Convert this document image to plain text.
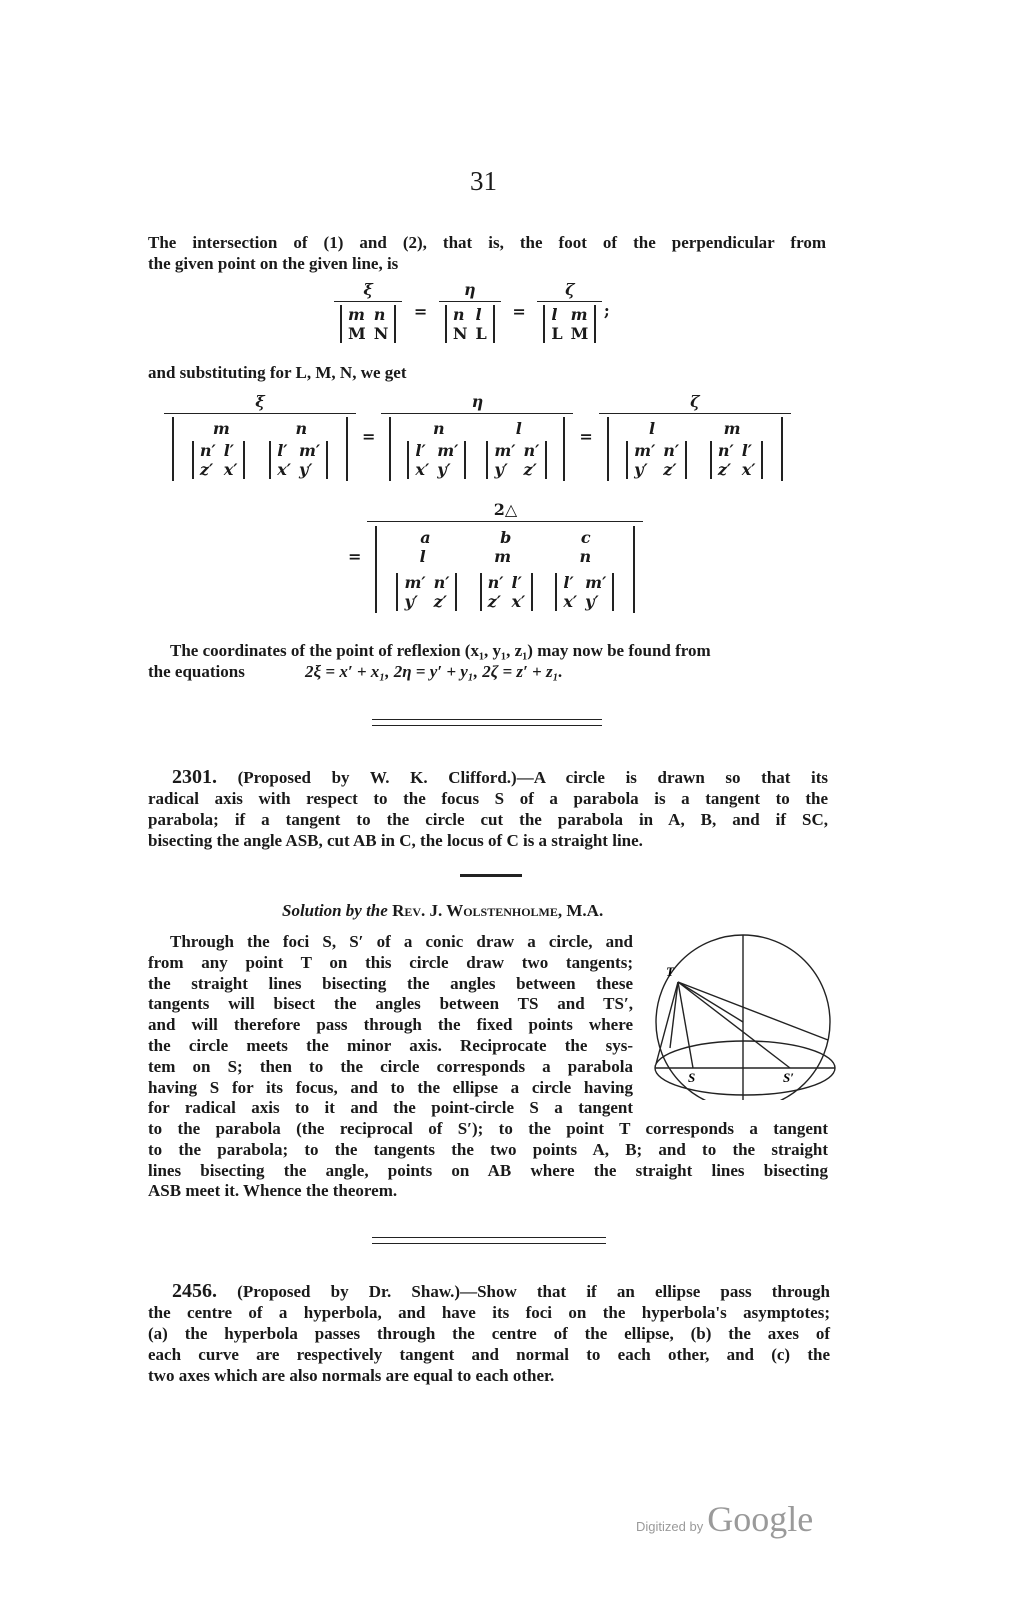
31
The intersection of (1) and (2), that is, the foot of the perpendicular from
the given point on the given line, is
ξ
m n
M N = η
n l
N L = ζ
l m
L M ;
and substituting for L, M, N, we get
ξ
m	n
n′ l′
z′ x′
l′ m′
x′ y′ = η
n	l
l′ m′
x′ y′
m′ n′
y′ z′ = ζ
l	m
m′ n′
y′ z′
n′ l′
z′ x′
= 2△
a	b	c
l	m	n
m′ n′
y′ z′
n′ l′
z′ x′
l′ m′
x′ y′
The coordinates of the point of reflexion (x₁, y₁, z₁) may now be found from
the equations	2ξ = x′ + x₁, 2η = y′ + y₁, 2ζ = z′ + z₁.
2301. (Proposed by W. K. Clifford.)—A circle is drawn so that its
radical axis with respect to the focus S of a parabola is a tangent to the
parabola; if a tangent to the circle cut the parabola in A, B, and if SC,
bisecting the angle ASB, cut AB in C, the locus of C is a straight line.
Solution by the Rev. J. Wolstenholme, M.A.
Through the foci S, S′ of a conic draw a circle, and
from any point T on this circle draw two tangents;
the straight lines bisecting the angles between these
tangents will bisect the angles between TS and TS′,
and will therefore pass through the fixed points where
the circle meets the minor axis. Reciprocate the sys-
tem on S; then to the circle corresponds a parabola
having S for its focus, and to the ellipse a circle having
for radical axis to it and the point-circle S a tangent
to the parabola (the reciprocal of S′); to the point T corresponds a tangent
to the parabola; to the tangents the two points A, B; and to the straight
lines bisecting the angle, points on AB where the straight lines bisecting
ASB meet it. Whence the theorem.
T
S	S′
2456. (Proposed by Dr. Shaw.)—Show that if an ellipse pass through
the centre of a hyperbola, and have its foci on the hyperbola's asymptotes;
(a) the hyperbola passes through the centre of the ellipse, (b) the axes of
each curve are respectively tangent and normal to each other, and (c) the
two axes which are also normals are equal to each other.
Digitized by Google
